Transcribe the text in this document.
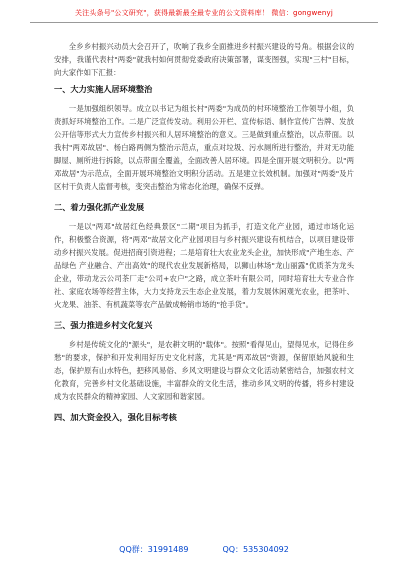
关注头条号"公文研究"，获得最新最全最专业的公文资料库！ 微信：gongwenyj

全乡乡村振兴动员大会召开了，吹响了我乡全面推进乡村振兴建设的号角。根据会议的安排，我谨代表村"两委"就我村如何贯彻党委政府决策部署，谋变图强，实现"三村"目标，向大家作如下汇报：

一、大力实施人居环境整治

一是加强组织领导。成立以书记为组长村"两委"为成员的村环境整治工作领导小组，负责抓好环境整治工作。二是广泛宣传发动。利用公开栏、宣传标语、制作宣传广告牌、发放公开信等形式大力宣传乡村振兴和人居环境整治的意义。三是做到重点整治，以点带面。以我村"两邓故居"、杨白路两侧为整治示范点，重点对垃圾、污水厕所进行整治，并对无功能脚屋、厕所进行拆除，以点带面全覆盖，全面改善人居环境。四是全面开展文明积分。以"两邓故居"为示范点，全面开展环境整治文明积分活动。五是建立长效机制。加强对"两委"及片区村干负责人监督考核，变突击整治为常态化治理，确保不反弹。

二、着力强化抓产业发展

一是以"两邓"故居红色经典景区"二期"项目为抓手，打造文化产业园，通过市场化运作，积极整合资源，将"两邓"故居文化产业园项目与乡村振兴建设有机结合，以项目建设带动乡村振兴发展。促进招商引资进程；二是培育壮大农业龙头企业，加快形成"产地生态、产品绿色 产业融合、产出高效"的现代农业发展新格局，以狮山林场"龙山丽露"优质茶为龙头企业，带动龙云公司茶厂走"公司+农户"之路，成立茶叶有限公司，同时培育壮大专业合作社、家庭农场等经营主体，大力支持龙云生态企业发展，着力发展休闲观光农业，把茶叶、火龙果、油茶、有机蔬菜等农产品做成畅销市场的"抢手货"。

三、强力推进乡村文化复兴

乡村是传统文化的"源头"，是农耕文明的"载体"。按照"看得见山，望得见水，记得住乡愁"的要求，保护和开发利用好历史文化村落，尤其是"两邓故居"资源，保留原始风貌和生态，保护原有山水特色，把移风易俗、乡风文明建设与群众文化活动紧密结合，加强农村文化教育，完善乡村文化基础设施，丰富群众的文化生活，推动乡风文明的传播，将乡村建设成为农民群众的精神家园、人文家园和谐家园。

四、加大资金投入，强化目标考核
QQ群：31991489	QQ：535304092
